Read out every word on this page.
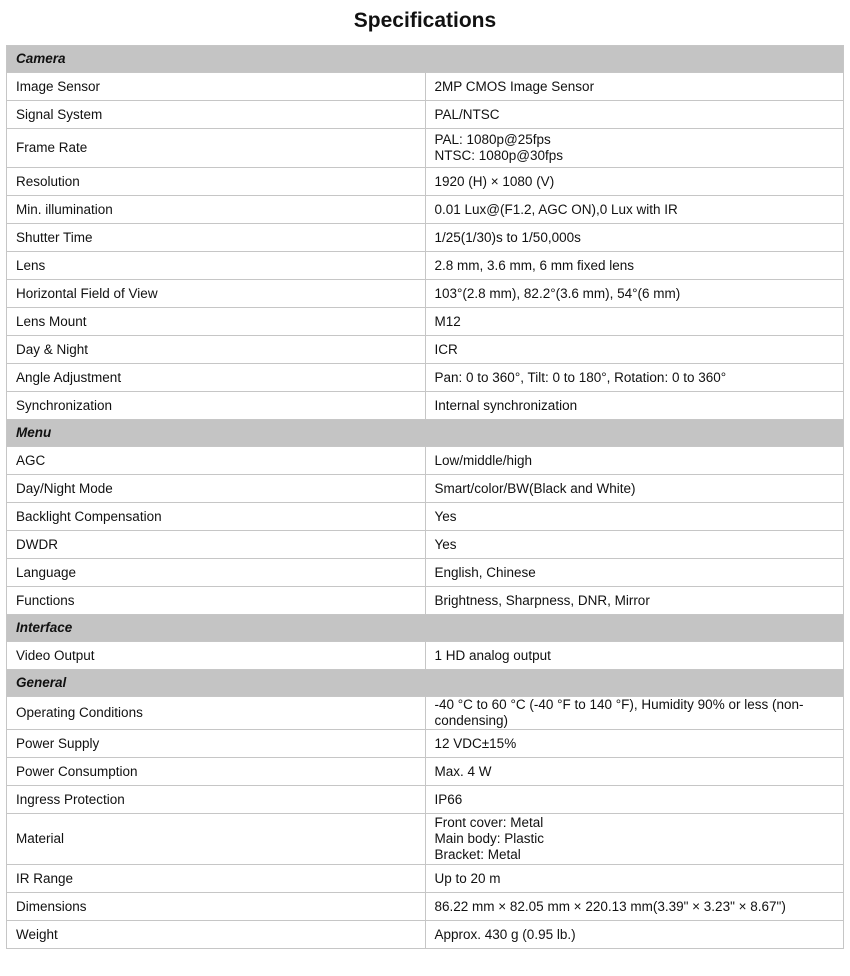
Specifications
Camera	
Image Sensor	2MP CMOS Image Sensor

Signal System	PAL/NTSC

Frame Rate	PAL: 1080p@25fps
NTSC: 1080p@30fps

Resolution	1920 (H) × 1080 (V)

Min. illumination	0.01 Lux@(F1.2, AGC ON),0 Lux with IR

Shutter Time	1/25(1/30)s to 1/50,000s

Lens	2.8 mm, 3.6 mm, 6 mm fixed lens

Horizontal Field of View	103°(2.8 mm), 82.2°(3.6 mm), 54°(6 mm)

Lens Mount	M12

Day & Night	ICR

Angle Adjustment	Pan: 0 to 360°, Tilt: 0 to 180°, Rotation: 0 to 360°

Synchronization	Internal synchronization

Menu	
AGC	Low/middle/high

Day/Night Mode	Smart/color/BW(Black and White)

Backlight Compensation	Yes

DWDR	Yes

Language	English, Chinese

Functions	Brightness, Sharpness, DNR, Mirror

Interface	
Video Output	1 HD analog output

General	
Operating Conditions	-40 °C to 60 °C (-40 °F to 140 °F), Humidity 90% or less (non-condensing)

Power Supply	12 VDC±15%

Power Consumption	Max. 4 W

Ingress Protection	IP66

Material	Front cover: Metal
Main body: Plastic
Bracket: Metal

IR Range	Up to 20 m

Dimensions	86.22 mm × 82.05 mm × 220.13 mm(3.39" × 3.23" × 8.67")

Weight	Approx. 430 g (0.95 lb.)
